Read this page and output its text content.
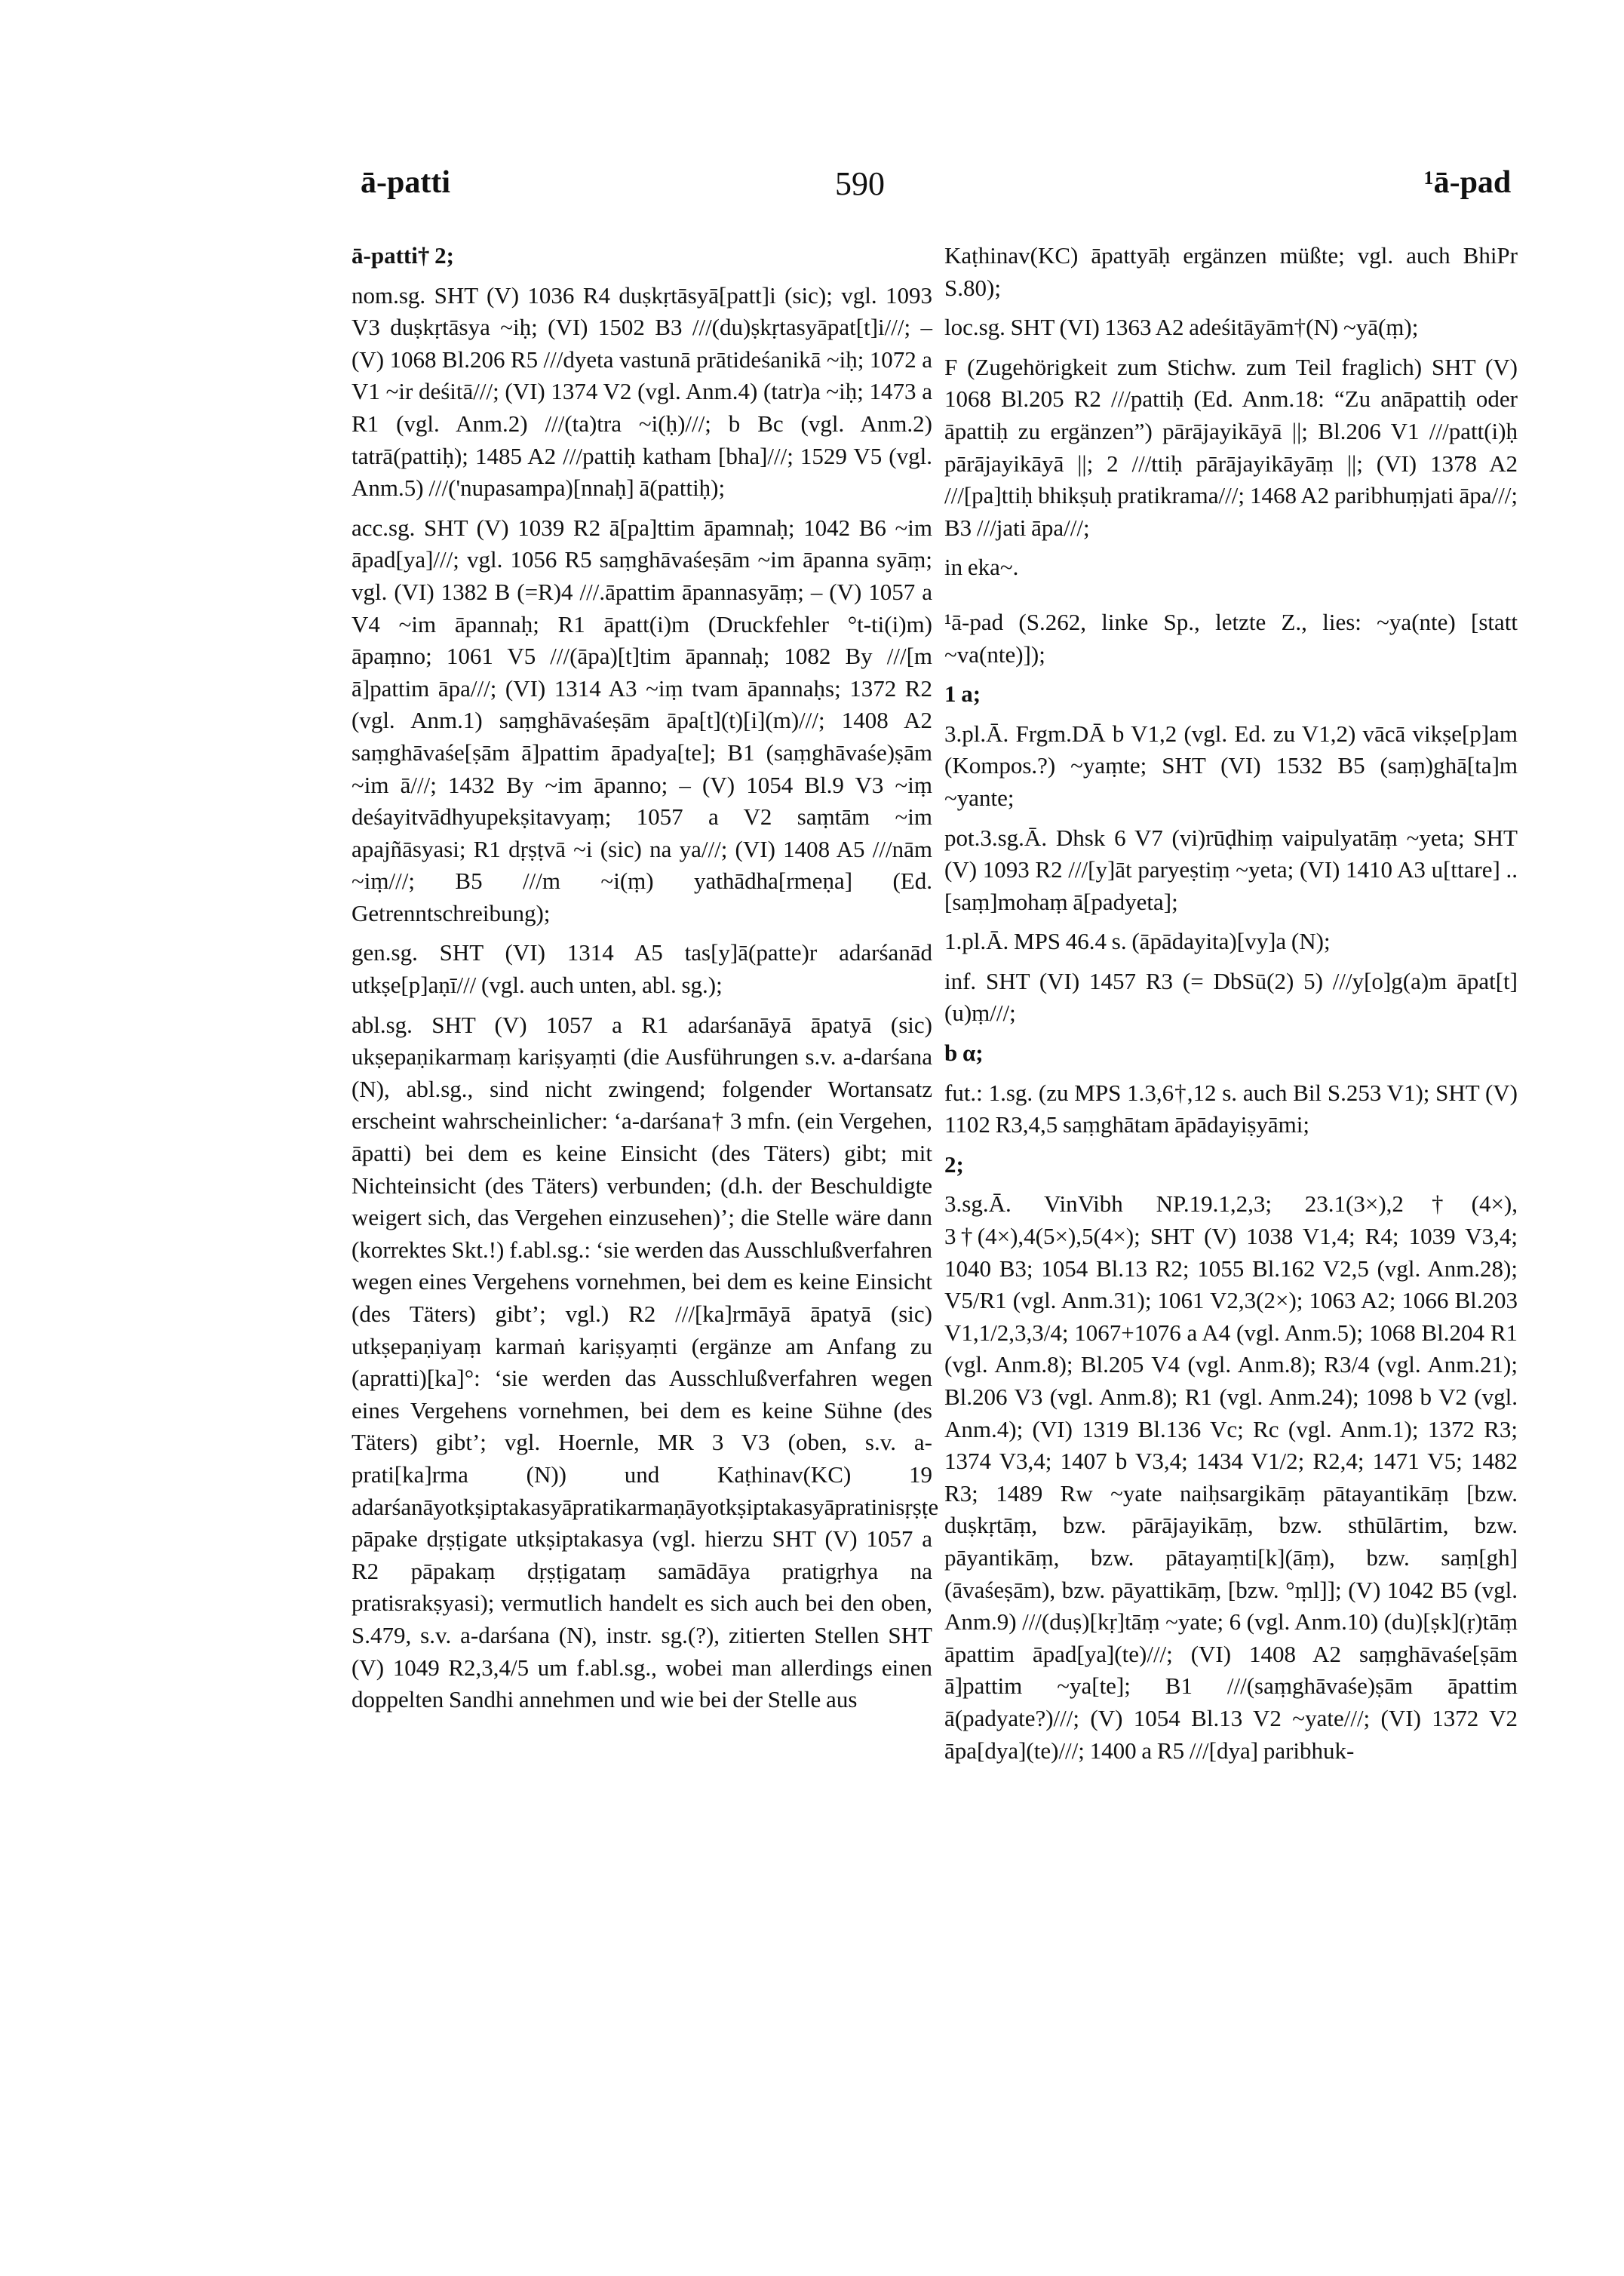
ā-patti	590	¹ā-pad

ā-patti† 2;

nom.sg. SHT (V) 1036 R4 duṣkṛtāsyā[patt]i (sic); vgl. 1093 V3 duṣkṛtāsya ~iḥ; (VI) 1502 B3 ///(du)ṣkṛtasyāpat[t]i///; – (V) 1068 Bl.206 R5 ///dyeta vastunā prātideśanikā ~iḥ; 1072 a V1 ~ir deśitā///; (VI) 1374 V2 (vgl. Anm.4) (tatr)a ~iḥ; 1473 a R1 (vgl. Anm.2) ///(ta)tra ~i(ḥ)///; b Bc (vgl. Anm.2) tatrā(pattiḥ); 1485 A2 ///pattiḥ katham [bha]///; 1529 V5 (vgl. Anm.5) ///('nupasampa)[nnaḥ] ā(pattiḥ);

acc.sg. SHT (V) 1039 R2 ā[pa]ttim āpamnaḥ; 1042 B6 ~im āpad[ya]///; vgl. 1056 R5 saṃghāvaśeṣām ~im āpanna syāṃ; vgl. (VI) 1382 B (=R)4 ///.āpattim āpannasyāṃ; – (V) 1057 a V4 ~im āpannaḥ; R1 āpatt(i)m (Druckfehler °t-ti(i)m) āpaṃno; 1061 V5 ///(āpa)[t]tim āpannaḥ; 1082 By ///[m ā]pattim āpa///; (VI) 1314 A3 ~iṃ tvam āpannaḥs; 1372 R2 (vgl. Anm.1) saṃghāvaśeṣām āpa[t](t)[i](m)///; 1408 A2 saṃghāvaśe[ṣām ā]pattim āpadya[te]; B1 (saṃghāvaśe)ṣām ~im ā///; 1432 By ~im āpanno; – (V) 1054 Bl.9 V3 ~iṃ deśayitvādhyupekṣitavyaṃ; 1057 a V2 saṃtām ~im apajñāsyasi; R1 dṛṣṭvā ~i (sic) na ya///; (VI) 1408 A5 ///nām ~iṃ///; B5 ///m ~i(ṃ) yathādha[rmeṇa] (Ed. Getrenntschreibung);

gen.sg. SHT (VI) 1314 A5 tas[y]ā(patte)r adarśanād utkṣe[p]aṇī/// (vgl. auch unten, abl. sg.);

abl.sg. SHT (V) 1057 a R1 adarśanāyā āpatyā (sic) ukṣepaṇikarmaṃ kariṣyaṃti (die Ausführungen s.v. a-darśana (N), abl.sg., sind nicht zwingend; folgender Wortansatz erscheint wahrscheinlicher: ‘a-darśana† 3 mfn. (ein Vergehen, āpatti) bei dem es keine Einsicht (des Täters) gibt; mit Nichteinsicht (des Täters) verbunden; (d.h. der Beschuldigte weigert sich, das Vergehen einzusehen)’; die Stelle wäre dann (korrektes Skt.!) f.abl.sg.: ‘sie werden das Ausschlußverfahren wegen eines Vergehens vornehmen, bei dem es keine Einsicht (des Täters) gibt’; vgl.) R2 ///[ka]rmāyā āpatyā (sic) utkṣepaṇiyaṃ karmaṅ kariṣyaṃti (ergänze am Anfang zu (apratti)[ka]°: ‘sie werden das Ausschlußverfahren wegen eines Vergehens vornehmen, bei dem es keine Sühne (des Täters) gibt’; vgl. Hoernle, MR 3 V3 (oben, s.v. a-prati[ka]rma (N)) und Kaṭhinav(KC) 19 adarśanāyotkṣiptakasyāpratikarmaṇāyotkṣiptakasyāpratinisṛṣṭe pāpake dṛṣṭigate utkṣiptakasya (vgl. hierzu SHT (V) 1057 a R2 pāpakaṃ dṛṣṭigataṃ samādāya pratigṛhya na pratisrakṣyasi); vermutlich handelt es sich auch bei den oben, S.479, s.v. a-darśana (N), instr. sg.(?), zitierten Stellen SHT (V) 1049 R2,3,4/5 um f.abl.sg., wobei man allerdings einen doppelten Sandhi annehmen und wie bei der Stelle aus

Kaṭhinav(KC) āpattyāḥ ergänzen müßte; vgl. auch BhiPr S.80);

loc.sg. SHT (VI) 1363 A2 adeśitāyām†(N) ~yā(ṃ);

F (Zugehörigkeit zum Stichw. zum Teil fraglich) SHT (V) 1068 Bl.205 R2 ///pattiḥ (Ed. Anm.18: “Zu anāpattiḥ oder āpattiḥ zu ergänzen”) pārājayikāyā ||; Bl.206 V1 ///patt(i)ḥ pārājayikāyā ||; 2 ///ttiḥ pārājayikāyāṃ ||; (VI) 1378 A2 ///[pa]ttiḥ bhikṣuḥ pratikrama///; 1468 A2 paribhuṃjati āpa///; B3 ///jati āpa///;

in eka~.

¹ā-pad (S.262, linke Sp., letzte Z., lies: ~ya(nte) [statt ~va(nte)]);

1 a;

3.pl.Ā. Frgm.DĀ b V1,2 (vgl. Ed. zu V1,2) vācā vikṣe[p]am (Kompos.?) ~yaṃte; SHT (VI) 1532 B5 (saṃ)ghā[ta]m ~yante;

pot.3.sg.Ā. Dhsk 6 V7 (vi)rūḍhiṃ vaipulyatāṃ ~yeta; SHT (V) 1093 R2 ///[y]āt paryeṣtiṃ ~yeta; (VI) 1410 A3 u[ttare] .. [saṃ]mohaṃ ā[padyeta];

1.pl.Ā. MPS 46.4 s. (āpādayita)[vy]a (N);

inf. SHT (VI) 1457 R3 (= DbSū(2) 5) ///y[o]g(a)m āpat[t](u)ṃ///;

b α;

fut.: 1.sg. (zu MPS 1.3,6†,12 s. auch Bil S.253 V1); SHT (V) 1102 R3,4,5 saṃghātam āpādayiṣyāmi;

2;

3.sg.Ā. VinVibh NP.19.1,2,3; 23.1(3×),2†(4×), 3†(4×),4(5×),5(4×); SHT (V) 1038 V1,4; R4; 1039 V3,4; 1040 B3; 1054 Bl.13 R2; 1055 Bl.162 V2,5 (vgl. Anm.28); V5/R1 (vgl. Anm.31); 1061 V2,3(2×); 1063 A2; 1066 Bl.203 V1,1/2,3,3/4; 1067+1076 a A4 (vgl. Anm.5); 1068 Bl.204 R1 (vgl. Anm.8); Bl.205 V4 (vgl. Anm.8); R3/4 (vgl. Anm.21); Bl.206 V3 (vgl. Anm.8); R1 (vgl. Anm.24); 1098 b V2 (vgl. Anm.4); (VI) 1319 Bl.136 Vc; Rc (vgl. Anm.1); 1372 R3; 1374 V3,4; 1407 b V3,4; 1434 V1/2; R2,4; 1471 V5; 1482 R3; 1489 Rw ~yate naiḥsargikāṃ pātayantikāṃ [bzw. duṣkṛtāṃ, bzw. pārājayikāṃ, bzw. sthūlārtim, bzw. pāyantikāṃ, bzw. pātayaṃti[k](āṃ), bzw. saṃ[gh](āvaśeṣām), bzw. pāyattikāṃ, [bzw. °ṃl]]; (V) 1042 B5 (vgl. Anm.9) ///(duṣ)[kṛ]tāṃ ~yate; 6 (vgl. Anm.10) (du)[ṣk](ṛ)tāṃ āpattim āpad[ya](te)///; (VI) 1408 A2 saṃghāvaśe[ṣām ā]pattim ~ya[te]; B1 ///(saṃghāvaśe)ṣām āpattim ā(padyate?)///; (V) 1054 Bl.13 V2 ~yate///; (VI) 1372 V2 āpa[dya](te)///; 1400 a R5 ///[dya] paribhuk-
